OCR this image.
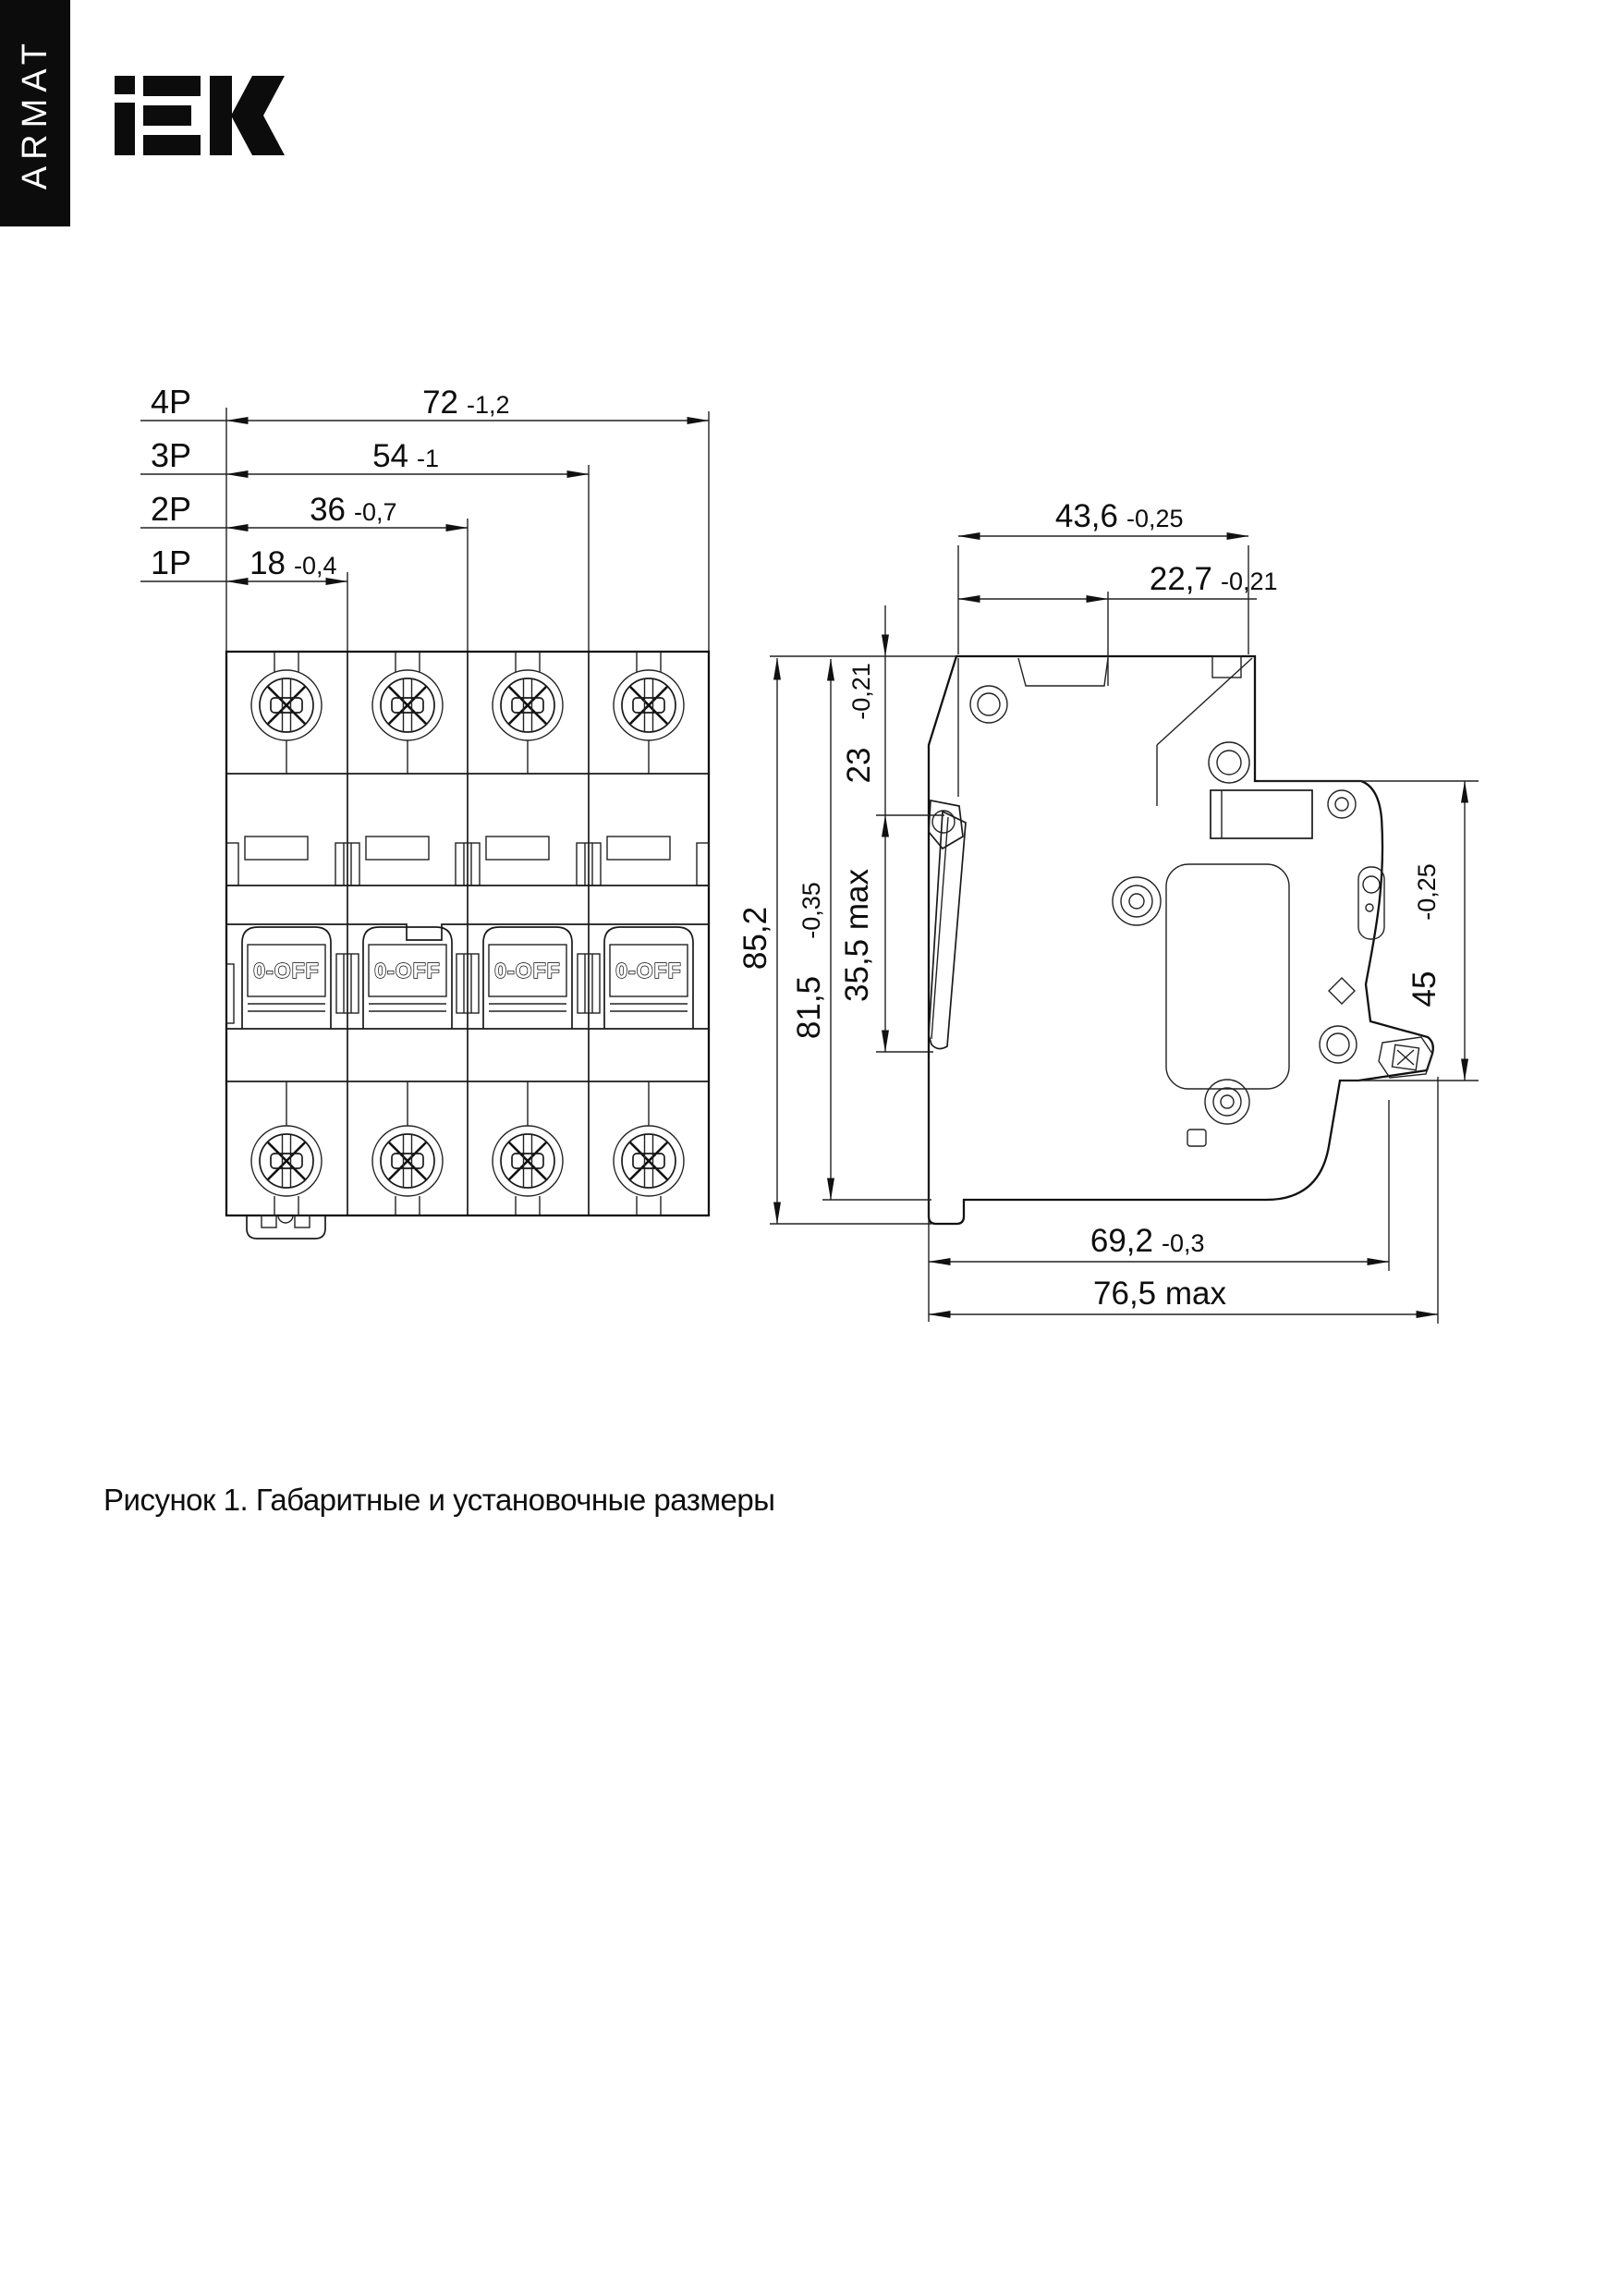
ARMAT
0-OFF
4P
3P
2P
1P
72 -1,2
54 -1
36 -0,7
18 -0,4
43,6 -0,25
22,7 -0,21
85,2
81,5
-0,35
23
-0,21
35,5 max	45
-0,25
69,2 -0,3
76,5 max
Рисунок 1. Габаритные и установочные размеры
